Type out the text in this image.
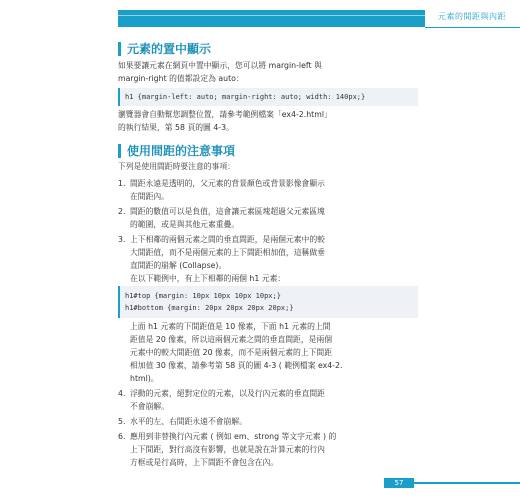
元素的間距與內距
元素的置中顯示
如果要讓元素在網頁中置中顯示，您可以將 margin-left 與
margin-right 的值都設定為 auto：
h1 {margin-left: auto; margin-right: auto; width: 140px;}
瀏覽器會自動幫您調整位置，請參考範例檔案「ex4-2.html」
的執行結果，第 58 頁的圖 4-3。
使用間距的注意事項
下列是使用間距時要注意的事項：
1. 間距永遠是透明的，父元素的背景顏色或背景影像會顯示
在間距內。
2. 間距的數值可以是負值，這會讓元素區塊超過父元素區塊
的範圍，或是與其他元素重疊。
3. 上下相鄰的兩個元素之間的垂直間距，是兩個元素中的較
大間距值，而不是兩個元素的上下間距相加值，這稱做垂
直間距的崩解 (Collapse)。
在以下範例中，有上下相鄰的兩個 h1 元素：
h1#top {margin: 10px 10px 10px 10px;}
h1#bottom {margin: 20px 20px 20px 20px;}
上面 h1 元素的下間距值是 10 像素，下面 h1 元素的上間
距值是 20 像素，所以這兩個元素之間的垂直間距，是兩個
元素中的較大間距值 20 像素，而不是兩個元素的上下間距
相加值 30 像素，請參考第 58 頁的圖 4-3 ( 範例檔案 ex4-2.
html)。
4. 浮動的元素，絕對定位的元素，以及行內元素的垂直間距
不會崩解。
5. 水平的左、右間距永遠不會崩解。
6. 應用到非替換行內元素 ( 例如 em、strong 等文字元素 ) 的
上下間距，對行高沒有影響，也就是說在計算元素的行內
方框或是行高時，上下間距不會包含在內。
57
